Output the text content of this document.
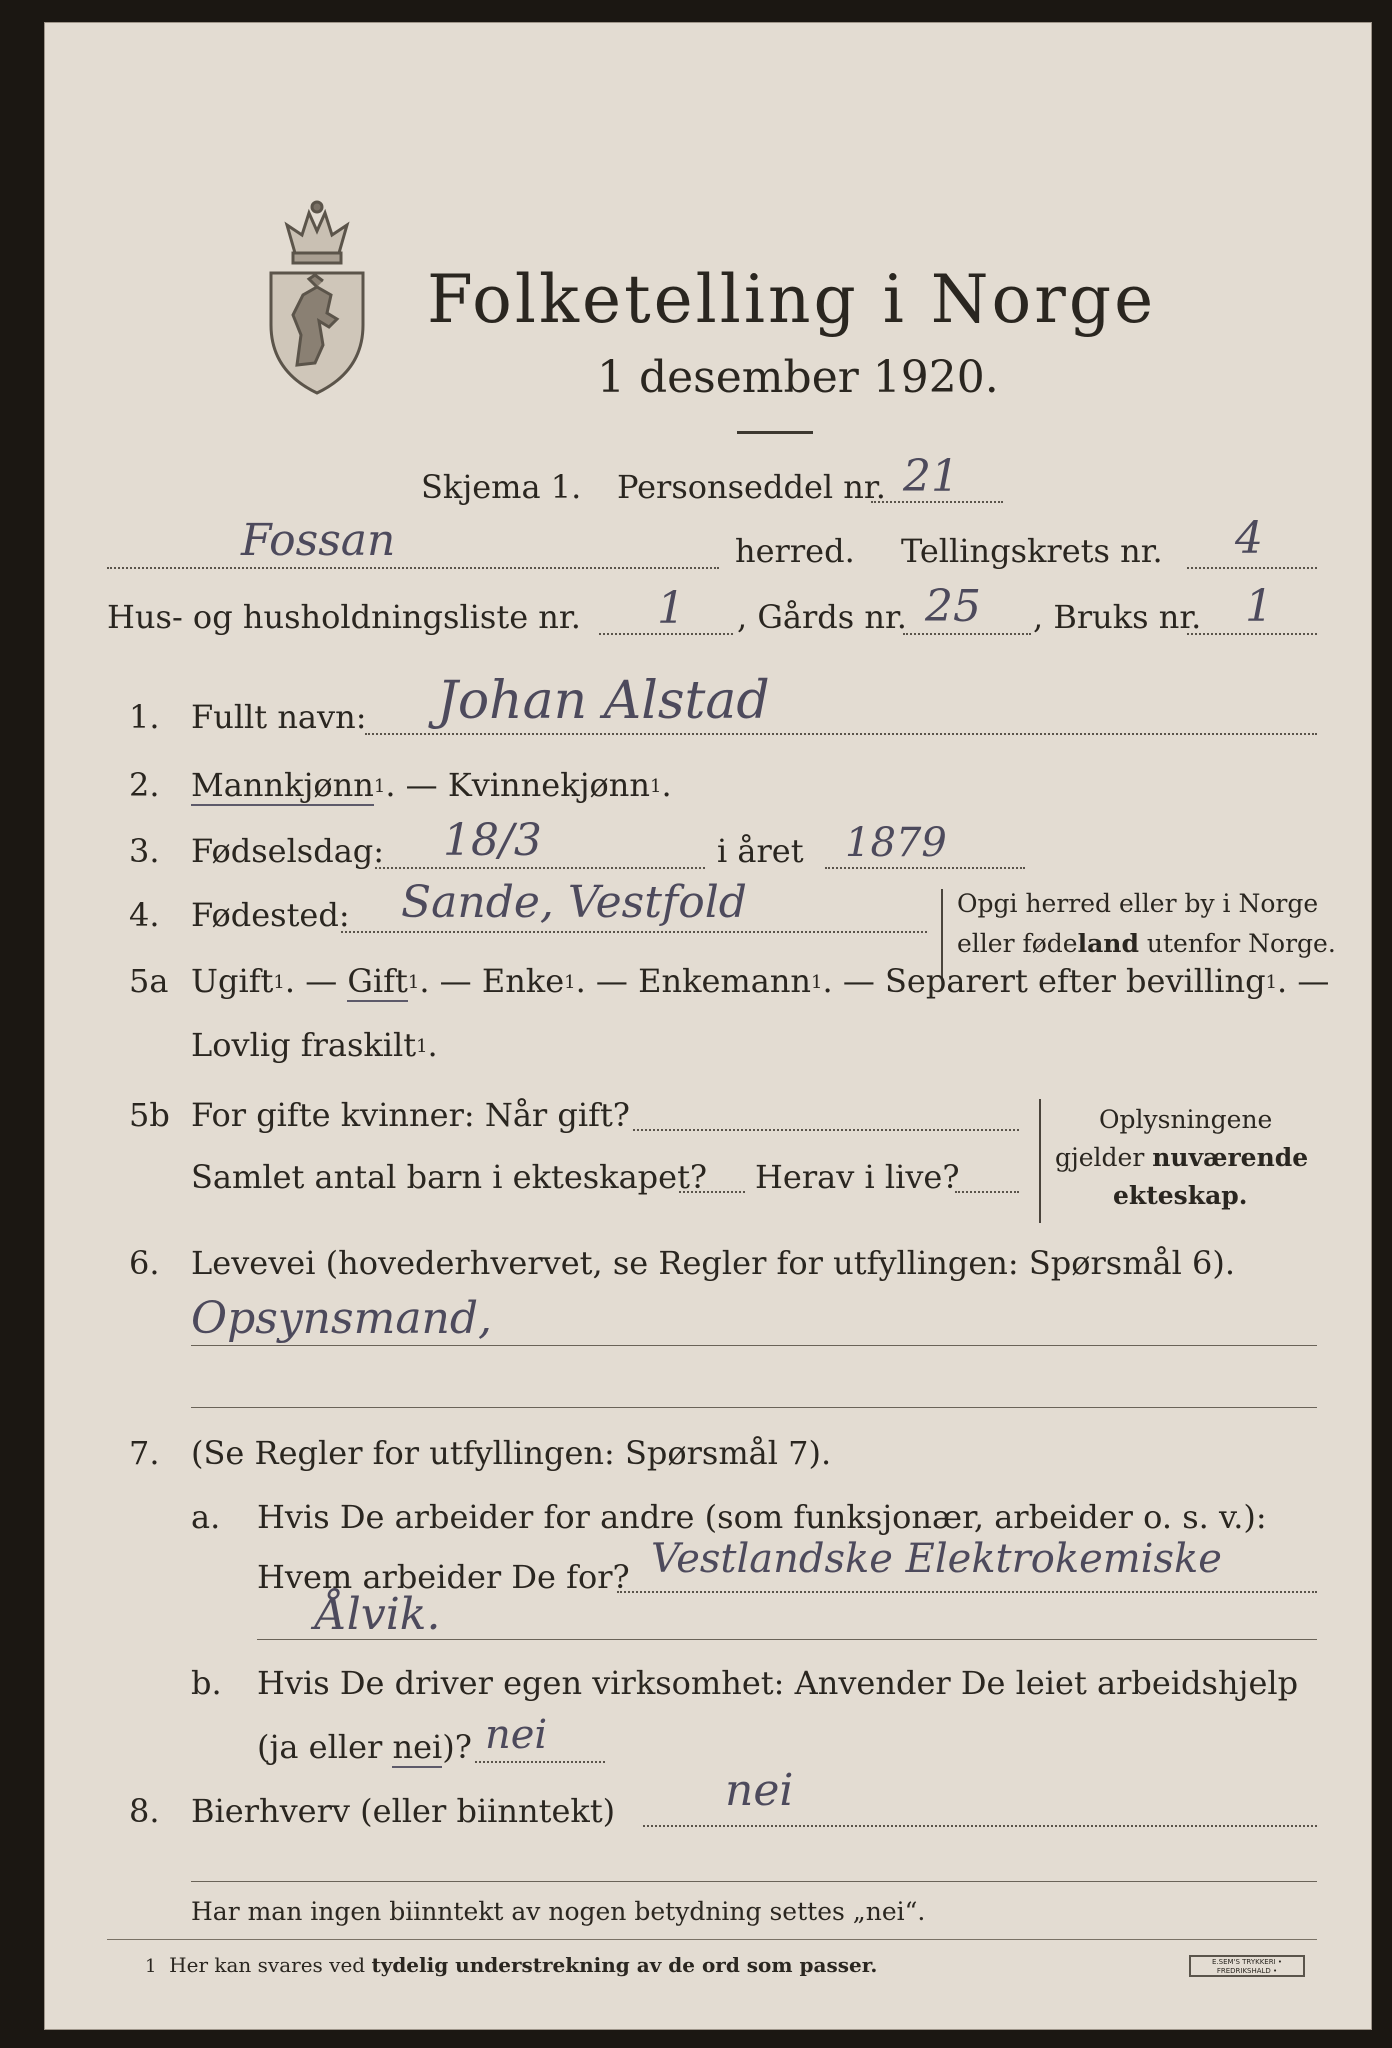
Folketelling i Norge
1 desember 1920.
Skjema 1. Personseddel nr. 21
Fossan	herred. Tellingskrets nr. 4
Hus- og husholdningsliste nr. 1 , Gårds nr. 25 , Bruks nr. 1
1. Fullt navn: Johan Alstad
2. Mannkjønn$^1$. — Kvinnekjønn$^1$.
3. Fødselsdag: 18/3	i året 1879
4. Fødested: Sande, Vestfold	Opgi herred eller by i Norge
eller fødeland utenfor Norge.
5a Ugift$^1$. — Gift$^1$. — Enke$^1$. — Enkemann$^1$. — Separert efter bevilling$^1$. —
Lovlig fraskilt$^1$.
5b For gifte kvinner: Når gift?
Samlet antal barn i ekteskapet? Herav i live?
Oplysningene
gjelder nuværende
ekteskap.
6. Levevei (hovederhvervet, se Regler for utfyllingen: Spørsmål 6).
Opsynsmand,
7. (Se Regler for utfyllingen: Spørsmål 7).
a. Hvis De arbeider for andre (som funksjonær, arbeider o. s. v.):
Hvem arbeider De for? Vestlandske Elektrokemiske
Ålvik.
b. Hvis De driver egen virksomhet: Anvender De leiet arbeidshjelp
(ja eller nei)? nei
8. Bierhverv (eller biinntekt) nei
Har man ingen biinntekt av nogen betydning settes „nei“.
1 Her kan svares ved tydelig understrekning av de ord som passer.	E.SEM'S TRYKKERI • FREDRIKSHALD •
